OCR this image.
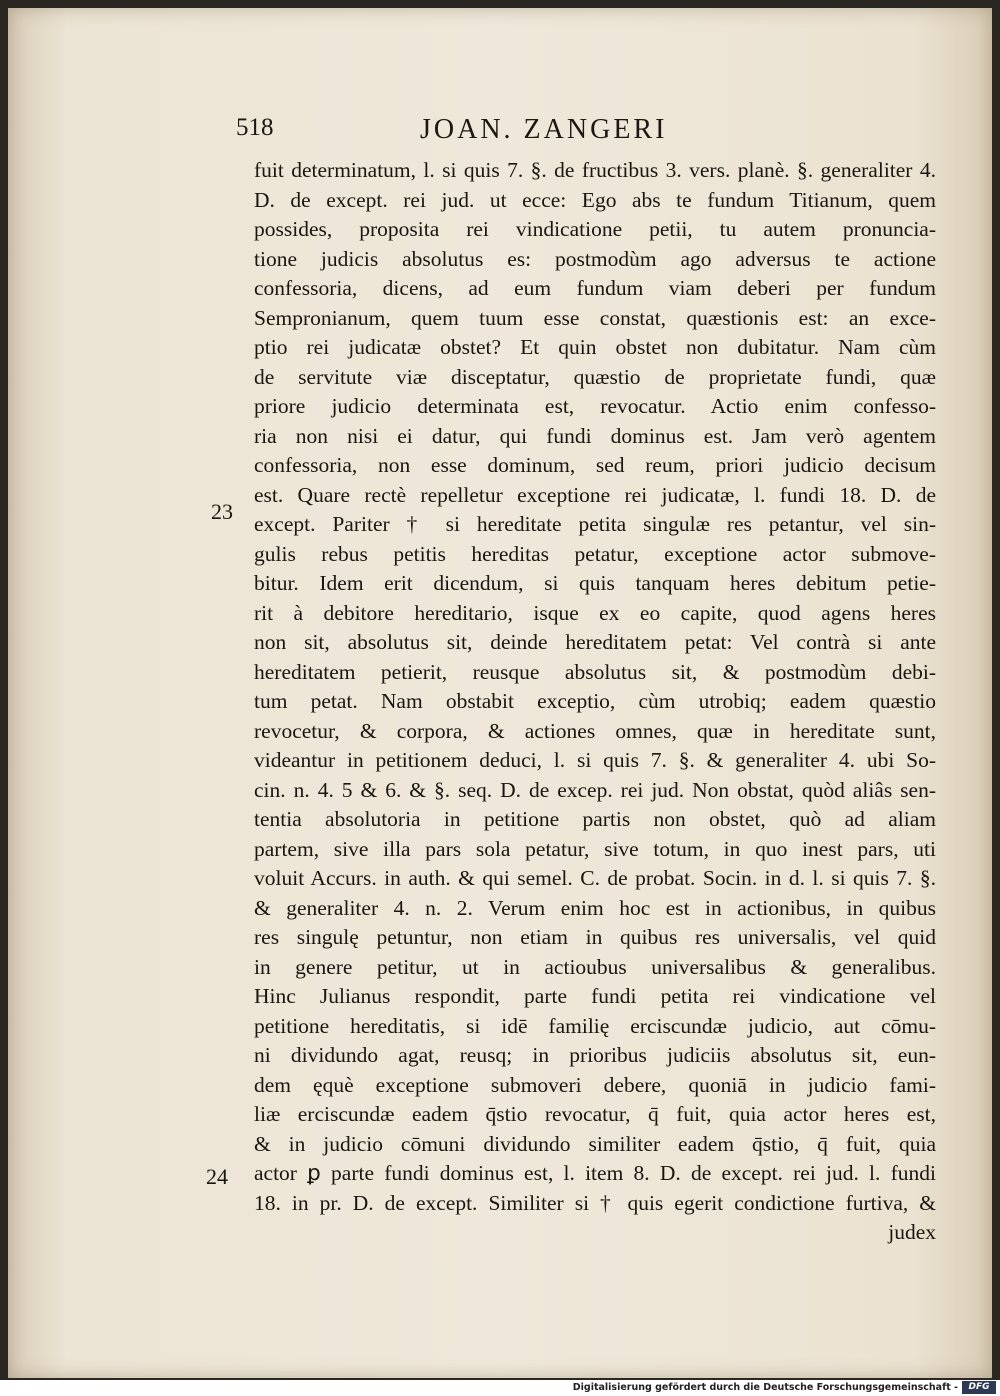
518	JOAN. ZANGERI
23
24
fuit determinatum, l. si quis 7. §. de fructibus 3. vers. planè. §. generaliter 4.
D. de except. rei jud. ut ecce: Ego abs te fundum Titianum, quem
possides, proposita rei vindicatione petii, tu autem pronuncia-
tione judicis absolutus es: postmodùm ago adversus te actione
confessoria, dicens, ad eum fundum viam deberi per fundum
Sempronianum, quem tuum esse constat, quæstionis est: an exce-
ptio rei judicatæ obstet? Et quin obstet non dubitatur. Nam cùm
de servitute viæ disceptatur, quæstio de proprietate fundi, quæ
priore judicio determinata est, revocatur. Actio enim confesso-
ria non nisi ei datur, qui fundi dominus est. Jam verò agentem
confessoria, non esse dominum, sed reum, priori judicio decisum
est. Quare rectè repelletur exceptione rei judicatæ, l. fundi 18. D. de
except. Pariter † si hereditate petita singulæ res petantur, vel sin-
gulis rebus petitis hereditas petatur, exceptione actor submove-
bitur. Idem erit dicendum, si quis tanquam heres debitum petie-
rit à debitore hereditario, isque ex eo capite, quod agens heres
non sit, absolutus sit, deinde hereditatem petat: Vel contrà si ante
hereditatem petierit, reusque absolutus sit, & postmodùm debi-
tum petat. Nam obstabit exceptio, cùm utrobiq; eadem quæstio
revocetur, & corpora, & actiones omnes, quæ in hereditate sunt,
videantur in petitionem deduci, l. si quis 7. §. & generaliter 4. ubi So-
cin. n. 4. 5 & 6. & §. seq. D. de excep. rei jud. Non obstat, quòd aliâs sen-
tentia absolutoria in petitione partis non obstet, quò ad aliam
partem, sive illa pars sola petatur, sive totum, in quo inest pars, uti
voluit Accurs. in auth. & qui semel. C. de probat. Socin. in d. l. si quis 7. §.
& generaliter 4. n. 2. Verum enim hoc est in actionibus, in quibus
res singulę petuntur, non etiam in quibus res universalis, vel quid
in genere petitur, ut in actioubus universalibus & generalibus.
Hinc Julianus respondit, parte fundi petita rei vindicatione vel
petitione hereditatis, si idē familię erciscundæ judicio, aut cōmu-
ni dividundo agat, reusq; in prioribus judiciis absolutus sit, eun-
dem ęquè exceptione submoveri debere, quoniā in judicio fami-
liæ erciscundæ eadem q̄stio revocatur, q̄ fuit, quia actor heres est,
& in judicio cōmuni dividundo similiter eadem q̄stio, q̄ fuit, quia
actor ꝑ parte fundi dominus est, l. item 8. D. de except. rei jud. l. fundi
18. in pr. D. de except. Similiter si † quis egerit condictione furtiva, &
judex
Digitalisierung gefördert durch die Deutsche Forschungsgemeinschaft -	DFG
